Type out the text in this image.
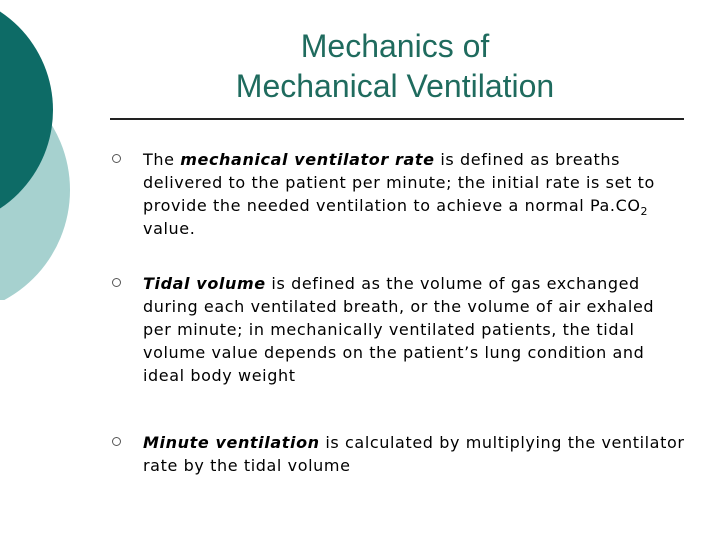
Mechanics of
Mechanical Ventilation
The mechanical ventilator rate is defined as breaths delivered to the patient per minute; the initial rate is set to provide the needed ventilation to achieve a normal $Pa.CO_2$ value.
Tidal volume is defined as the volume of gas exchanged during each ventilated breath, or the volume of air exhaled per minute; in mechanically ventilated patients, the tidal volume value depends on the patient’s lung condition and ideal body weight
Minute ventilation is calculated by multiplying the ventilator rate by the tidal volume
